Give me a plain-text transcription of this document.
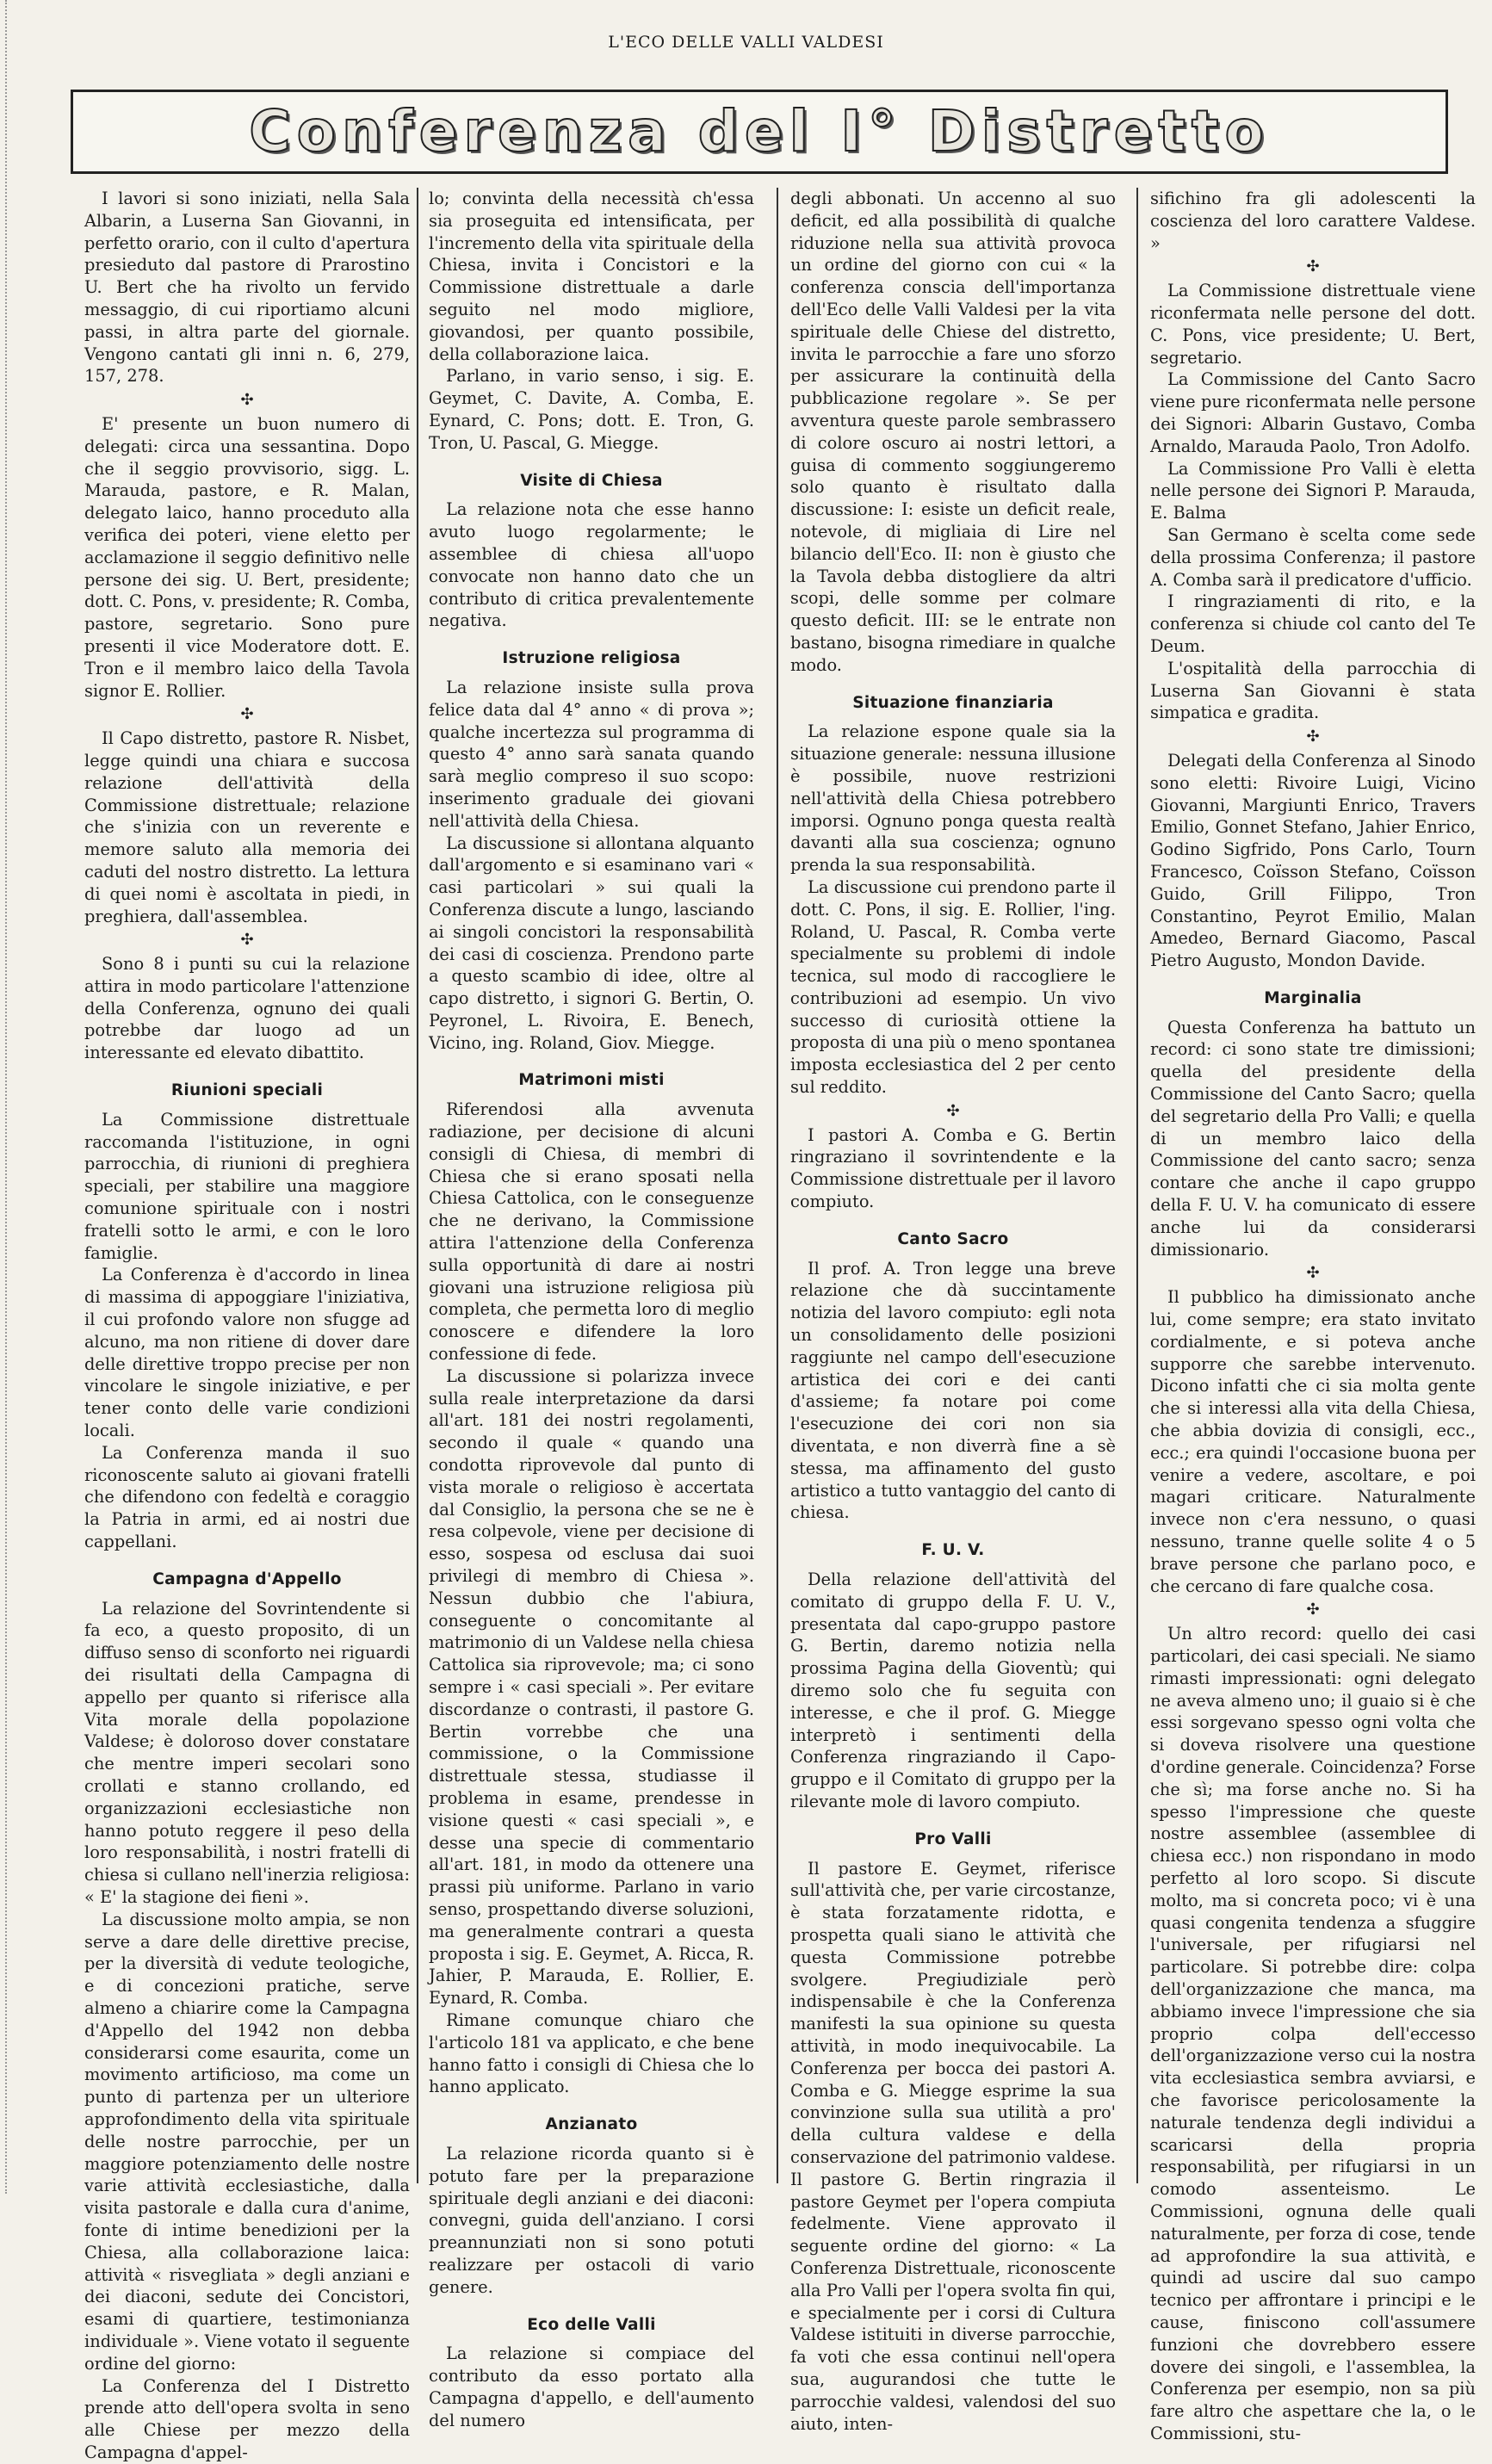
L'ECO DELLE VALLI VALDESI
Conferenza del I° Distretto

I lavori si sono iniziati, nella Sala Albarin, a Luserna San Giovanni, in perfetto orario, con il culto d'apertura presieduto dal pastore di Prarostino U. Bert che ha rivolto un fervido messaggio, di cui riportiamo alcuni passi, in altra parte del giornale. Vengono cantati gli inni n. 6, 279, 157, 278.

✣

E' presente un buon numero di delegati: circa una sessantina. Dopo che il seggio provvisorio, sigg. L. Marauda, pastore, e R. Malan, delegato laico, hanno proceduto alla verifica dei poteri, viene eletto per acclamazione il seggio definitivo nelle persone dei sig. U. Bert, presidente; dott. C. Pons, v. presidente; R. Comba, pastore, segretario. Sono pure presenti il vice Moderatore dott. E. Tron e il membro laico della Tavola signor E. Rollier.

✣

Il Capo distretto, pastore R. Nisbet, legge quindi una chiara e succosa relazione dell'attività della Commissione distrettuale; relazione che s'inizia con un reverente e memore saluto alla memoria dei caduti del nostro distretto. La lettura di quei nomi è ascoltata in piedi, in preghiera, dall'assemblea.

✣

Sono 8 i punti su cui la relazione attira in modo particolare l'attenzione della Conferenza, ognuno dei quali potrebbe dar luogo ad un interessante ed elevato dibattito.

Riunioni speciali

La Commissione distrettuale raccomanda l'istituzione, in ogni parrocchia, di riunioni di preghiera speciali, per stabilire una maggiore comunione spirituale con i nostri fratelli sotto le armi, e con le loro famiglie.

La Conferenza è d'accordo in linea di massima di appoggiare l'iniziativa, il cui profondo valore non sfugge ad alcuno, ma non ritiene di dover dare delle direttive troppo precise per non vincolare le singole iniziative, e per tener conto delle varie condizioni locali.

La Conferenza manda il suo riconoscente saluto ai giovani fratelli che difendono con fedeltà e coraggio la Patria in armi, ed ai nostri due cappellani.

Campagna d'Appello

La relazione del Sovrintendente si fa eco, a questo proposito, di un diffuso senso di sconforto nei riguardi dei risultati della Campagna di appello per quanto si riferisce alla Vita morale della popolazione Valdese; è doloroso dover constatare che mentre imperi secolari sono crollati e stanno crollando, ed organizzazioni ecclesiastiche non hanno potuto reggere il peso della loro responsabilità, i nostri fratelli di chiesa si cullano nell'inerzia religiosa: « E' la stagione dei fieni ».

La discussione molto ampia, se non serve a dare delle direttive precise, per la diversità di vedute teologiche, e di concezioni pratiche, serve almeno a chiarire come la Campagna d'Appello del 1942 non debba considerarsi come esaurita, come un movimento artificioso, ma come un punto di partenza per un ulteriore approfondimento della vita spirituale delle nostre parrocchie, per un maggiore potenziamento delle nostre varie attività ecclesiastiche, dalla visita pastorale e dalla cura d'anime, fonte di intime benedizioni per la Chiesa, alla collaborazione laica: attività « risvegliata » degli anziani e dei diaconi, sedute dei Concistori, esami di quartiere, testimonianza individuale ». Viene votato il seguente ordine del giorno:

La Conferenza del I Distretto prende atto dell'opera svolta in seno alle Chiese per mezzo della Campagna d'appel-

lo; convinta della necessità ch'essa sia proseguita ed intensificata, per l'incremento della vita spirituale della Chiesa, invita i Concistori e la Commissione distrettuale a darle seguito nel modo migliore, giovandosi, per quanto possibile, della collaborazione laica.

Parlano, in vario senso, i sig. E. Geymet, C. Davite, A. Comba, E. Eynard, C. Pons; dott. E. Tron, G. Tron, U. Pascal, G. Miegge.

Visite di Chiesa

La relazione nota che esse hanno avuto luogo regolarmente; le assemblee di chiesa all'uopo convocate non hanno dato che un contributo di critica prevalentemente negativa.

Istruzione religiosa

La relazione insiste sulla prova felice data dal 4° anno « di prova »; qualche incertezza sul programma di questo 4° anno sarà sanata quando sarà meglio compreso il suo scopo: inserimento graduale dei giovani nell'attività della Chiesa.

La discussione si allontana alquanto dall'argomento e si esaminano vari « casi particolari » sui quali la Conferenza discute a lungo, lasciando ai singoli concistori la responsabilità dei casi di coscienza. Prendono parte a questo scambio di idee, oltre al capo distretto, i signori G. Bertin, O. Peyronel, L. Rivoira, E. Benech, Vicino, ing. Roland, Giov. Miegge.

Matrimoni misti

Riferendosi alla avvenuta radiazione, per decisione di alcuni consigli di Chiesa, di membri di Chiesa che si erano sposati nella Chiesa Cattolica, con le conseguenze che ne derivano, la Commissione attira l'attenzione della Conferenza sulla opportunità di dare ai nostri giovani una istruzione religiosa più completa, che permetta loro di meglio conoscere e difendere la loro confessione di fede.

La discussione si polarizza invece sulla reale interpretazione da darsi all'art. 181 dei nostri regolamenti, secondo il quale « quando una condotta riprovevole dal punto di vista morale o religioso è accertata dal Consiglio, la persona che se ne è resa colpevole, viene per decisione di esso, sospesa od esclusa dai suoi privilegi di membro di Chiesa ». Nessun dubbio che l'abiura, conseguente o concomitante al matrimonio di un Valdese nella chiesa Cattolica sia riprovevole; ma; ci sono sempre i « casi speciali ». Per evitare discordanze o contrasti, il pastore G. Bertin vorrebbe che una commissione, o la Commissione distrettuale stessa, studiasse il problema in esame, prendesse in visione questi « casi speciali », e desse una specie di commentario all'art. 181, in modo da ottenere una prassi più uniforme. Parlano in vario senso, prospettando diverse soluzioni, ma generalmente contrari a questa proposta i sig. E. Geymet, A. Ricca, R. Jahier, P. Marauda, E. Rollier, E. Eynard, R. Comba.

Rimane comunque chiaro che l'articolo 181 va applicato, e che bene hanno fatto i consigli di Chiesa che lo hanno applicato.

Anzianato

La relazione ricorda quanto si è potuto fare per la preparazione spirituale degli anziani e dei diaconi: convegni, guida dell'anziano. I corsi preannunziati non si sono potuti realizzare per ostacoli di vario genere.

Eco delle Valli

La relazione si compiace del contributo da esso portato alla Campagna d'appello, e dell'aumento del numero

degli abbonati. Un accenno al suo deficit, ed alla possibilità di qualche riduzione nella sua attività provoca un ordine del giorno con cui « la conferenza conscia dell'importanza dell'Eco delle Valli Valdesi per la vita spirituale delle Chiese del distretto, invita le parrocchie a fare uno sforzo per assicurare la continuità della pubblicazione regolare ». Se per avventura queste parole sembrassero di colore oscuro ai nostri lettori, a guisa di commento soggiungeremo solo quanto è risultato dalla discussione: I: esiste un deficit reale, notevole, di migliaia di Lire nel bilancio dell'Eco. II: non è giusto che la Tavola debba distogliere da altri scopi, delle somme per colmare questo deficit. III: se le entrate non bastano, bisogna rimediare in qualche modo.

Situazione finanziaria

La relazione espone quale sia la situazione generale: nessuna illusione è possibile, nuove restrizioni nell'attività della Chiesa potrebbero imporsi. Ognuno ponga questa realtà davanti alla sua coscienza; ognuno prenda la sua responsabilità.

La discussione cui prendono parte il dott. C. Pons, il sig. E. Rollier, l'ing. Roland, U. Pascal, R. Comba verte specialmente su problemi di indole tecnica, sul modo di raccogliere le contribuzioni ad esempio. Un vivo successo di curiosità ottiene la proposta di una più o meno spontanea imposta ecclesiastica del 2 per cento sul reddito.

✣

I pastori A. Comba e G. Bertin ringraziano il sovrintendente e la Commissione distrettuale per il lavoro compiuto.

Canto Sacro

Il prof. A. Tron legge una breve relazione che dà succintamente notizia del lavoro compiuto: egli nota un consolidamento delle posizioni raggiunte nel campo dell'esecuzione artistica dei cori e dei canti d'assieme; fa notare poi come l'esecuzione dei cori non sia diventata, e non diverrà fine a sè stessa, ma affinamento del gusto artistico a tutto vantaggio del canto di chiesa.

F. U. V.

Della relazione dell'attività del comitato di gruppo della F. U. V., presentata dal capo-gruppo pastore G. Bertin, daremo notizia nella prossima Pagina della Gioventù; qui diremo solo che fu seguita con interesse, e che il prof. G. Miegge interpretò i sentimenti della Conferenza ringraziando il Capo-gruppo e il Comitato di gruppo per la rilevante mole di lavoro compiuto.

Pro Valli

Il pastore E. Geymet, riferisce sull'attività che, per varie circostanze, è stata forzatamente ridotta, e prospetta quali siano le attività che questa Commissione potrebbe svolgere. Pregiudiziale però indispensabile è che la Conferenza manifesti la sua opinione su questa attività, in modo inequivocabile. La Conferenza per bocca dei pastori A. Comba e G. Miegge esprime la sua convinzione sulla sua utilità a pro' della cultura valdese e della conservazione del patrimonio valdese. Il pastore G. Bertin ringrazia il pastore Geymet per l'opera compiuta fedelmente. Viene approvato il seguente ordine del giorno: « La Conferenza Distrettuale, riconoscente alla Pro Valli per l'opera svolta fin qui, e specialmente per i corsi di Cultura Valdese istituiti in diverse parrocchie, fa voti che essa continui nell'opera sua, augurandosi che tutte le parrocchie valdesi, valendosi del suo aiuto, inten-

sifichino fra gli adolescenti la coscienza del loro carattere Valdese. »

✣

La Commissione distrettuale viene riconfermata nelle persone del dott. C. Pons, vice presidente; U. Bert, segretario.

La Commissione del Canto Sacro viene pure riconfermata nelle persone dei Signori: Albarin Gustavo, Comba Arnaldo, Marauda Paolo, Tron Adolfo.

La Commissione Pro Valli è eletta nelle persone dei Signori P. Marauda, E. Balma

San Germano è scelta come sede della prossima Conferenza; il pastore A. Comba sarà il predicatore d'ufficio.

I ringraziamenti di rito, e la conferenza si chiude col canto del Te Deum.

L'ospitalità della parrocchia di Luserna San Giovanni è stata simpatica e gradita.

✣

Delegati della Conferenza al Sinodo sono eletti: Rivoire Luigi, Vicino Giovanni, Margiunti Enrico, Travers Emilio, Gonnet Stefano, Jahier Enrico, Godino Sigfrido, Pons Carlo, Tourn Francesco, Coïsson Stefano, Coïsson Guido, Grill Filippo, Tron Constantino, Peyrot Emilio, Malan Amedeo, Bernard Giacomo, Pascal Pietro Augusto, Mondon Davide.

Marginalia

Questa Conferenza ha battuto un record: ci sono state tre dimissioni; quella del presidente della Commissione del Canto Sacro; quella del segretario della Pro Valli; e quella di un membro laico della Commissione del canto sacro; senza contare che anche il capo gruppo della F. U. V. ha comunicato di essere anche lui da considerarsi dimissionario.

✣

Il pubblico ha dimissionato anche lui, come sempre; era stato invitato cordialmente, e si poteva anche supporre che sarebbe intervenuto. Dicono infatti che ci sia molta gente che si interessi alla vita della Chiesa, che abbia dovizia di consigli, ecc., ecc.; era quindi l'occasione buona per venire a vedere, ascoltare, e poi magari criticare. Naturalmente invece non c'era nessuno, o quasi nessuno, tranne quelle solite 4 o 5 brave persone che parlano poco, e che cercano di fare qualche cosa.

✣

Un altro record: quello dei casi particolari, dei casi speciali. Ne siamo rimasti impressionati: ogni delegato ne aveva almeno uno; il guaio si è che essi sorgevano spesso ogni volta che si doveva risolvere una questione d'ordine generale. Coincidenza? Forse che sì; ma forse anche no. Si ha spesso l'impressione che queste nostre assemblee (assemblee di chiesa ecc.) non rispondano in modo perfetto al loro scopo. Si discute molto, ma si concreta poco; vi è una quasi congenita tendenza a sfuggire l'universale, per rifugiarsi nel particolare. Si potrebbe dire: colpa dell'organizzazione che manca, ma abbiamo invece l'impressione che sia proprio colpa dell'eccesso dell'organizzazione verso cui la nostra vita ecclesiastica sembra avviarsi, e che favorisce pericolosamente la naturale tendenza degli individui a scaricarsi della propria responsabilità, per rifugiarsi in un comodo assenteismo. Le Commissioni, ognuna delle quali naturalmente, per forza di cose, tende ad approfondire la sua attività, e quindi ad uscire dal suo campo tecnico per affrontare i principi e le cause, finiscono coll'assumere funzioni che dovrebbero essere dovere dei singoli, e l'assemblea, la Conferenza per esempio, non sa più fare altro che aspettare che la, o le Commissioni, stu-
